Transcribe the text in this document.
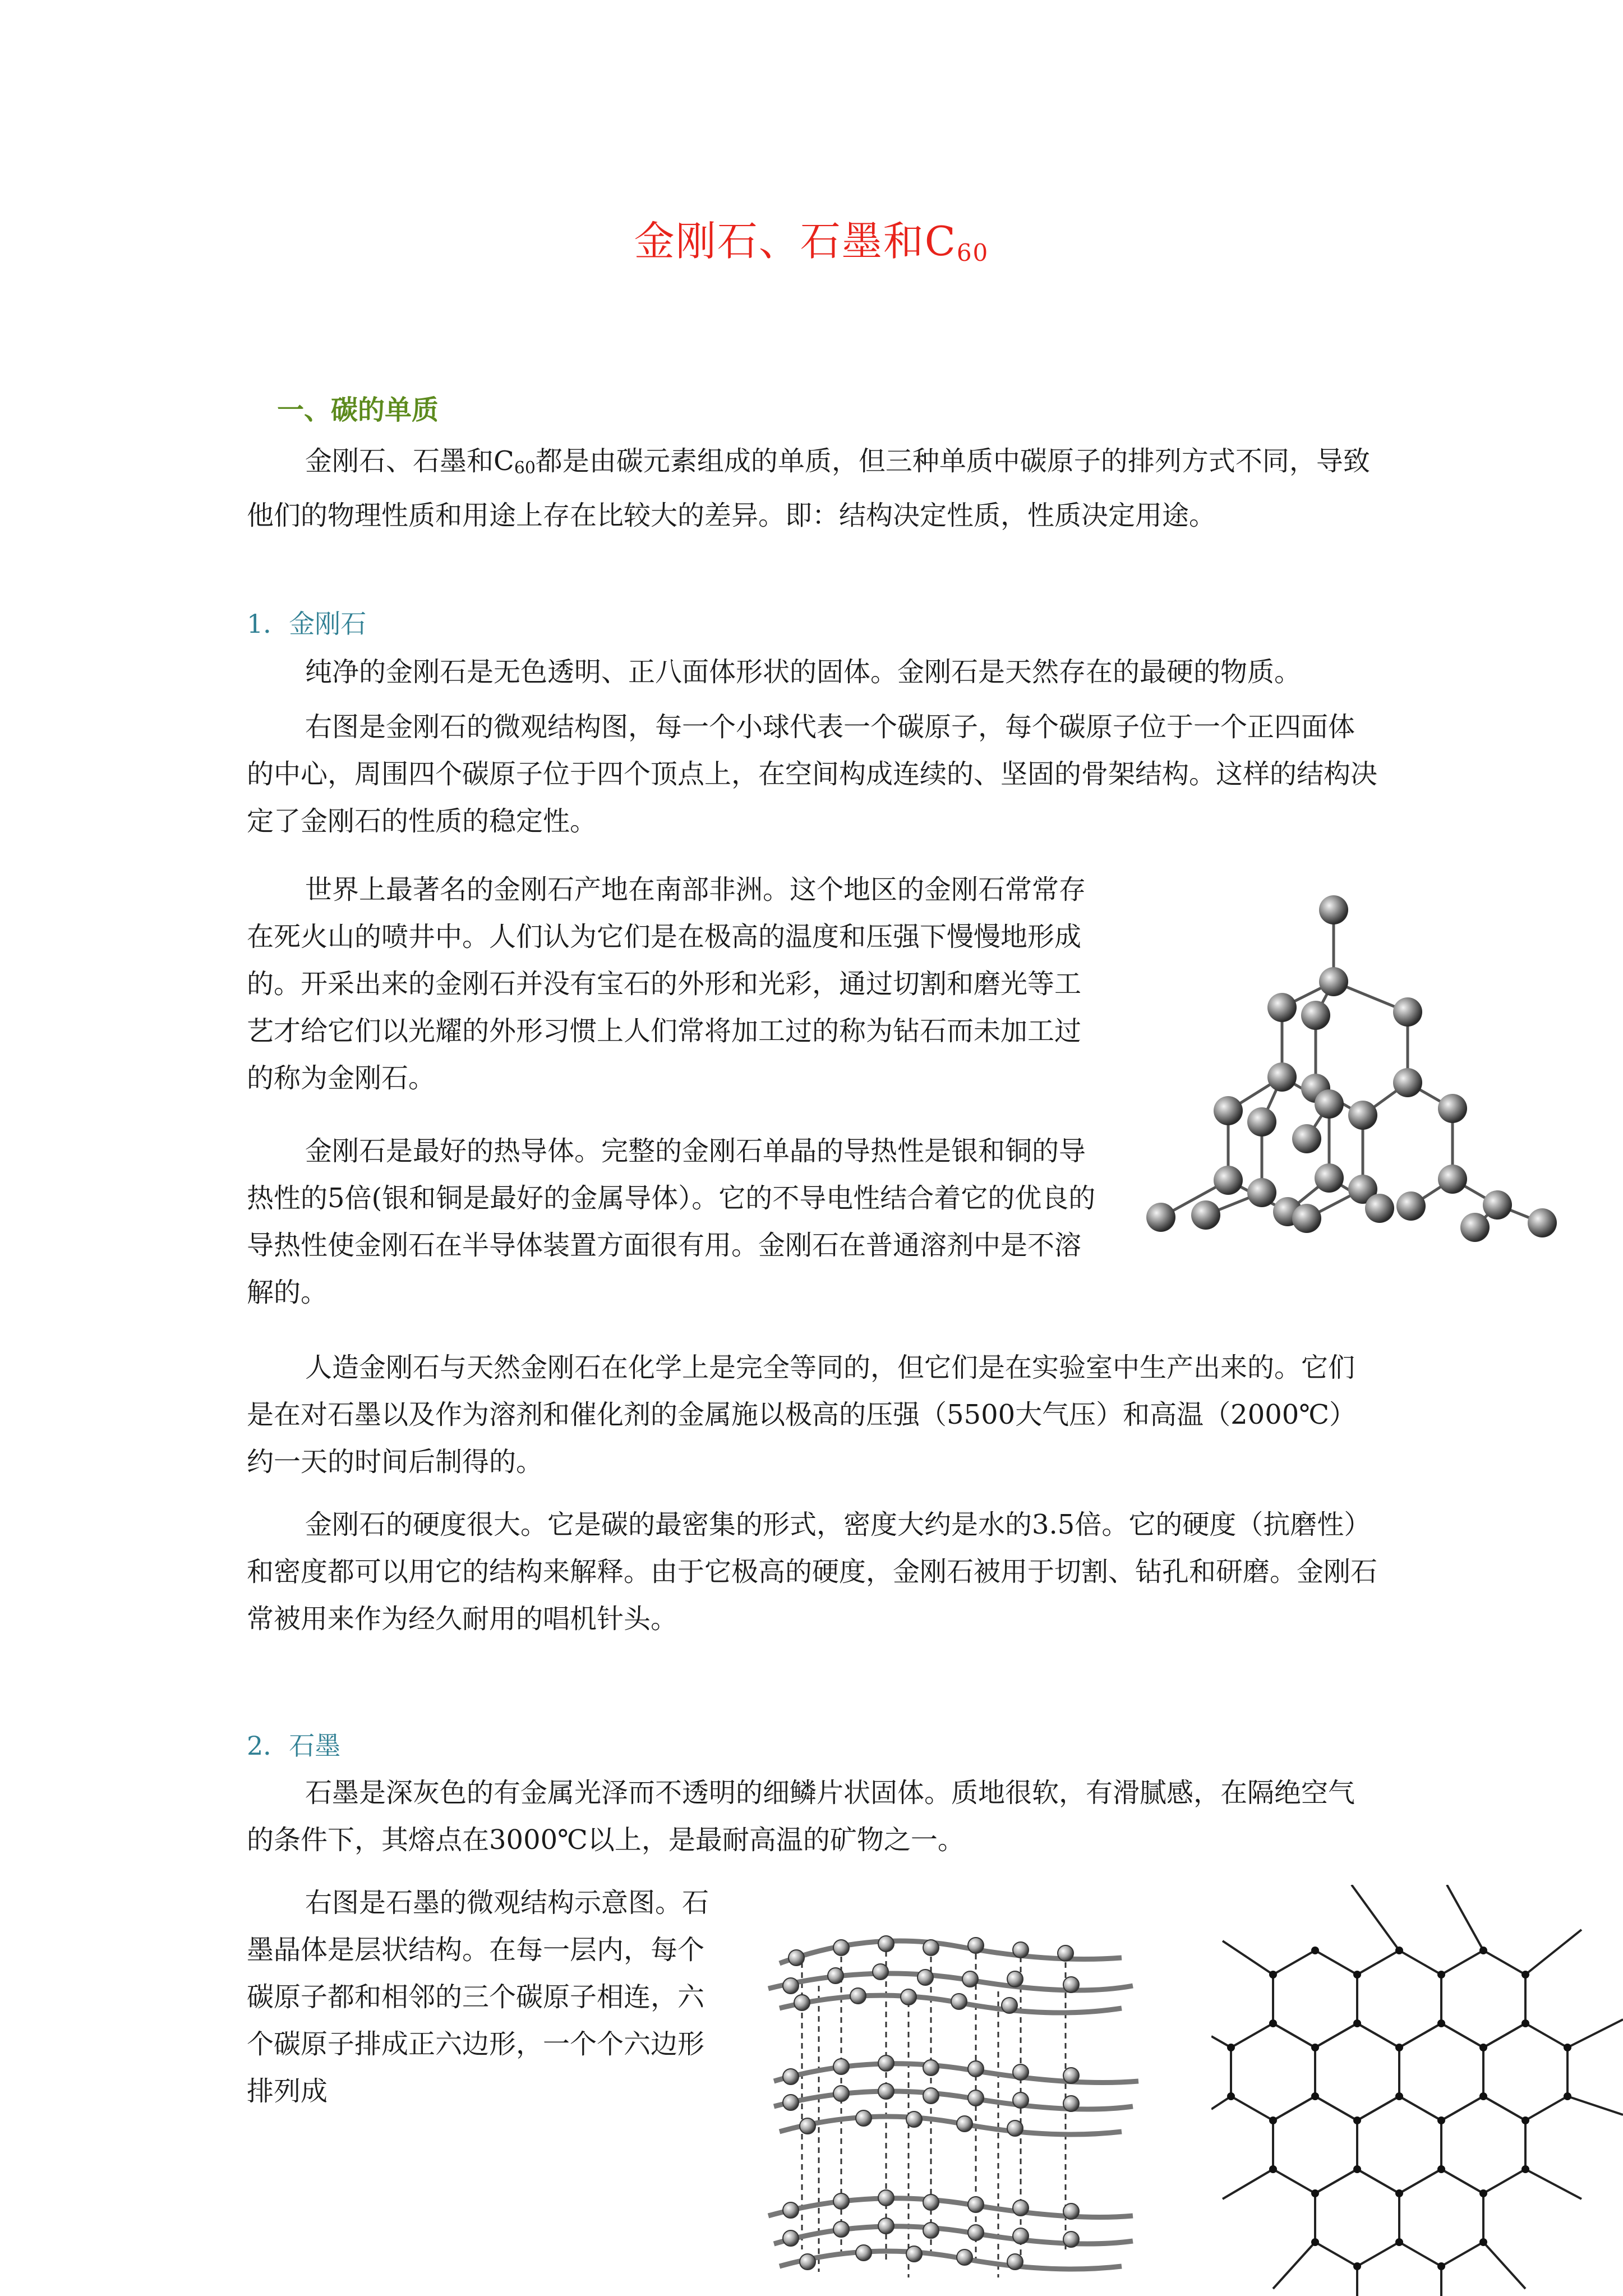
金刚石、石墨和$C_{60}$
一、碳的单质
金刚石、石墨和$C_{60}$都是由碳元素组成的单质，但三种单质中碳原子的排列方式不同，导致他们的物理性质和用途上存在比较大的差异。即：结构决定性质，性质决定用途。
1．金刚石
纯净的金刚石是无色透明、正八面体形状的固体。金刚石是天然存在的最硬的物质。
右图是金刚石的微观结构图，每一个小球代表一个碳原子，每个碳原子位于一个正四面体的中心，周围四个碳原子位于四个顶点上，在空间构成连续的、坚固的骨架结构。这样的结构决定了金刚石的性质的稳定性。
世界上最著名的金刚石产地在南部非洲。这个地区的金刚石常常存在死火山的喷井中。人们认为它们是在极高的温度和压强下慢慢地形成的。开采出来的金刚石并没有宝石的外形和光彩，通过切割和磨光等工艺才给它们以光耀的外形习惯上人们常将加工过的称为钻石而未加工过的称为金刚石。
金刚石是最好的热导体。完整的金刚石单晶的导热性是银和铜的导热性的5倍(银和铜是最好的金属导体）。它的不导电性结合着它的优良的导热性使金刚石在半导体装置方面很有用。金刚石在普通溶剂中是不溶解的。
人造金刚石与天然金刚石在化学上是完全等同的，但它们是在实验室中生产出来的。它们是在对石墨以及作为溶剂和催化剂的金属施以极高的压强（5500大气压）和高温（2000℃）约一天的时间后制得的。
金刚石的硬度很大。它是碳的最密集的形式，密度大约是水的3.5倍。它的硬度（抗磨性）和密度都可以用它的结构来解释。由于它极高的硬度，金刚石被用于切割、钻孔和研磨。金刚石常被用来作为经久耐用的唱机针头。
2．石墨
石墨是深灰色的有金属光泽而不透明的细鳞片状固体。质地很软，有滑腻感，在隔绝空气的条件下，其熔点在3000℃以上，是最耐高温的矿物之一。
右图是石墨的微观结构示意图。石墨晶体是层状结构。在每一层内，每个碳原子都和相邻的三个碳原子相连，六个碳原子排成正六边形，一个个六边形排列成
